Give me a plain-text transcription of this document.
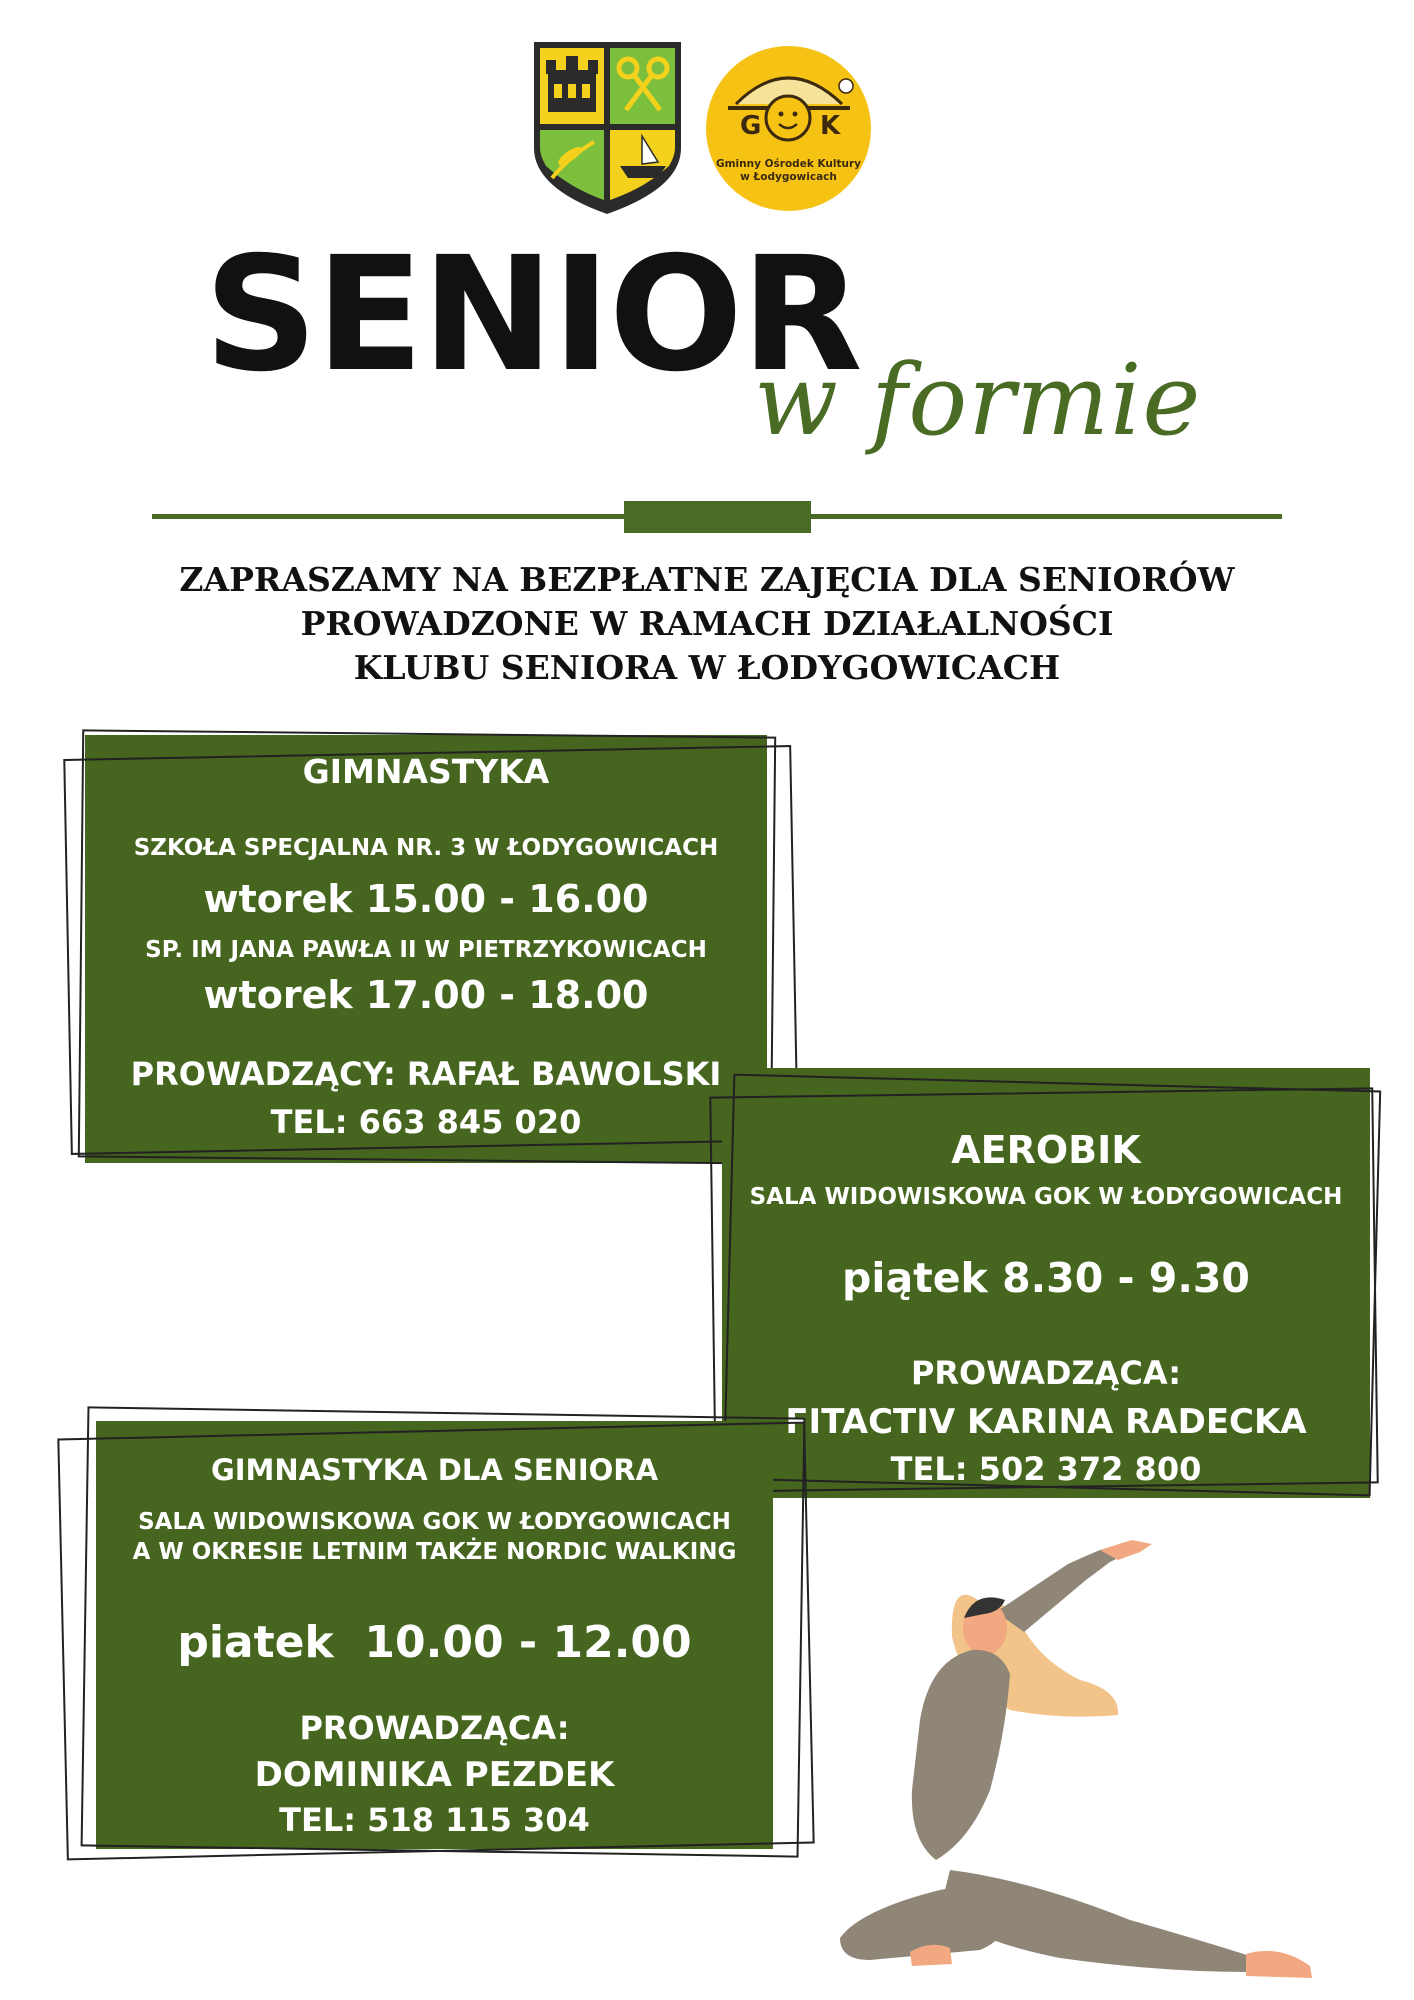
G K
Gminny Ośrodek Kultury
w Łodygowicach
SENIOR
w formie
ZAPRASZAMY NA BEZPŁATNE ZAJĘCIA DLA SENIORÓW
PROWADZONE W RAMACH DZIAŁALNOŚCI
KLUBU SENIORA W ŁODYGOWICACH
GIMNASTYKA
SZKOŁA SPECJALNA NR. 3 W ŁODYGOWICACH
wtorek 15.00 - 16.00
SP. IM JANA PAWŁA II W PIETRZYKOWICACH
wtorek 17.00 - 18.00
PROWADZĄCY: RAFAŁ BAWOLSKI
TEL: 663 845 020
AEROBIK
SALA WIDOWISKOWA GOK W ŁODYGOWICACH
piątek 8.30 - 9.30
PROWADZĄCA:
FITACTIV KARINA RADECKA
TEL: 502 372 800
GIMNASTYKA DLA SENIORA
SALA WIDOWISKOWA GOK W ŁODYGOWICACH
A W OKRESIE LETNIM TAKŻE NORDIC WALKING
piatek  10.00 - 12.00
PROWADZĄCA:
DOMINIKA PEZDEK
TEL: 518 115 304
